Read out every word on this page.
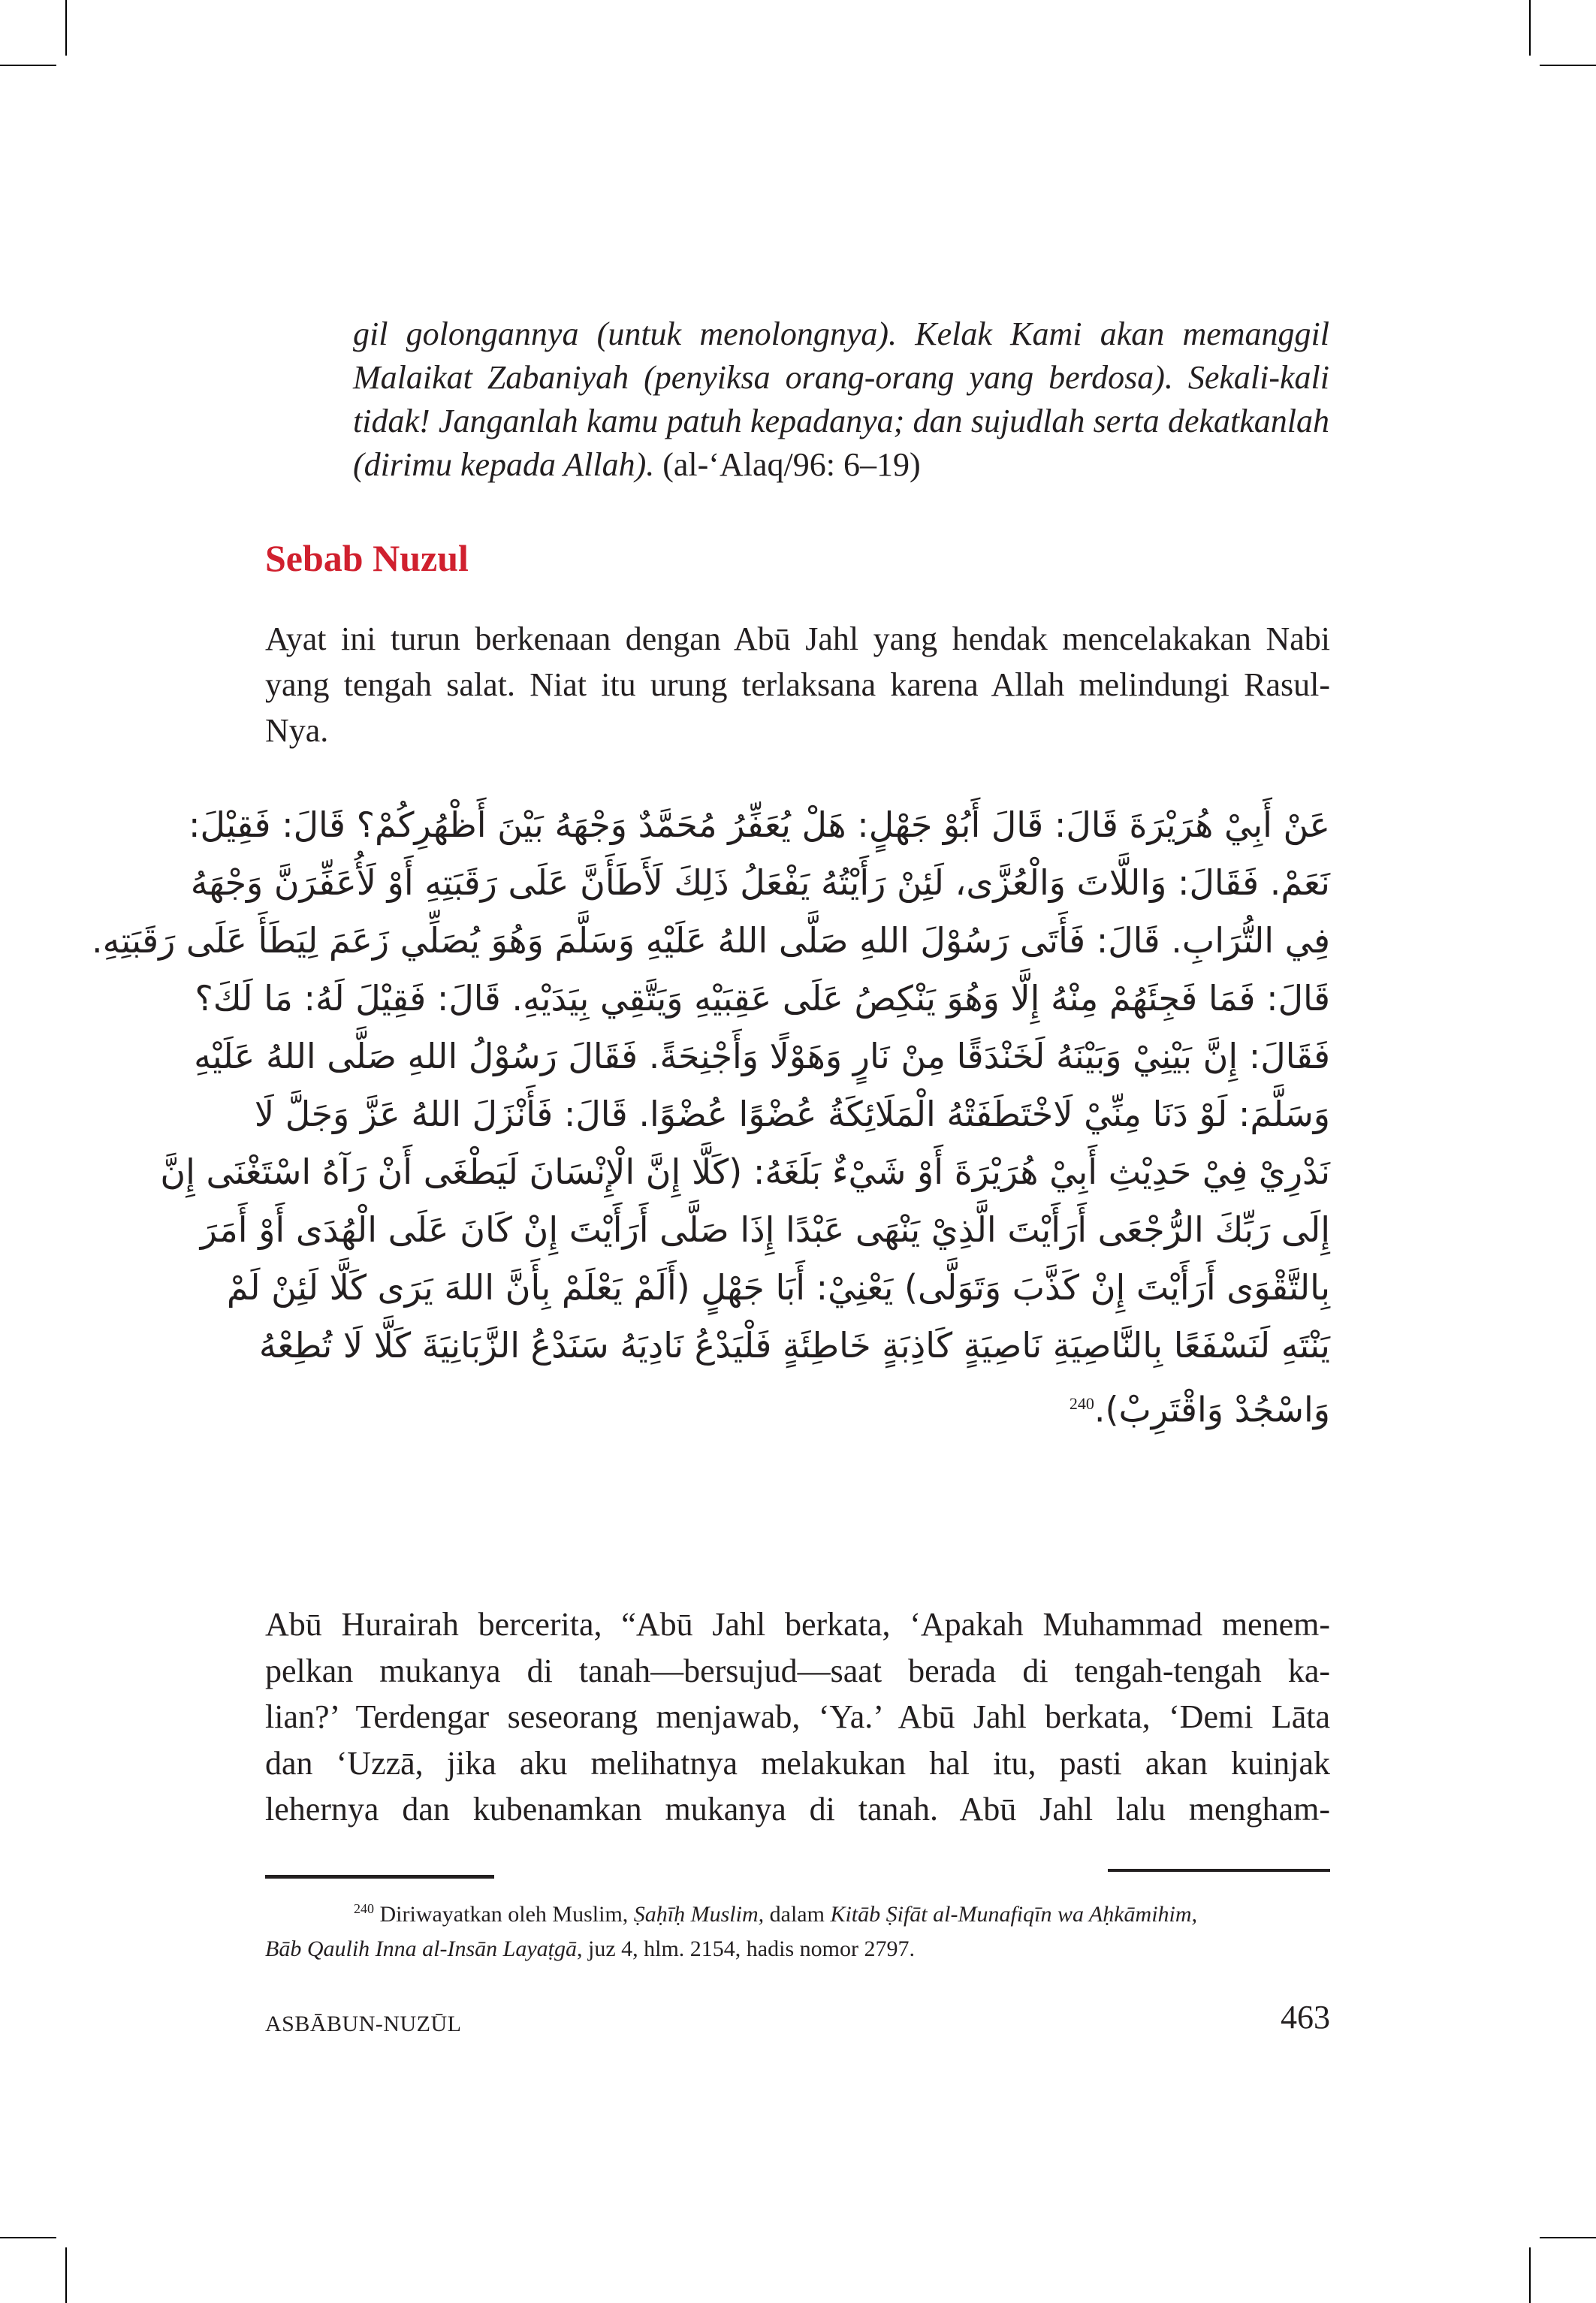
gil golongannya (untuk menolongnya). Kelak Kami akan memanggil Malaikat Zabaniyah (penyiksa orang-orang yang berdosa). Sekali-kali tidak! Janganlah kamu patuh kepadanya; dan sujudlah serta dekatkanlah (dirimu kepada Allah). (al-‘Alaq/96: 6–19)

Sebab Nuzul

Ayat ini turun berkenaan dengan Abū Jahl yang hendak mencelakakan Nabi yang tengah salat. Niat itu urung terlaksana karena Allah melindungi Rasul-Nya.

عَنْ أَبِيْ هُرَيْرَةَ قَالَ: قَالَ أَبُوْ جَهْلٍ: هَلْ يُعَفِّرُ مُحَمَّدٌ وَجْهَهُ بَيْنَ أَظْهُرِكُمْ؟ قَالَ: فَقِيْلَ:
نَعَمْ. فَقَالَ: وَاللَّاتَ وَالْعُزَّى، لَئِنْ رَأَيْتُهُ يَفْعَلُ ذَلِكَ لَأَطَأَنَّ عَلَى رَقَبَتِهِ أَوْ لَأُعَفِّرَنَّ وَجْهَهُ
فِي التُّرَابِ. قَالَ: فَأَتَى رَسُوْلَ اللهِ صَلَّى اللهُ عَلَيْهِ وَسَلَّمَ وَهُوَ يُصَلِّي زَعَمَ لِيَطَأَ عَلَى رَقَبَتِهِ.
قَالَ: فَمَا فَجِئَهُمْ مِنْهُ إِلَّا وَهُوَ يَنْكِصُ عَلَى عَقِبَيْهِ وَيَتَّقِي بِيَدَيْهِ. قَالَ: فَقِيْلَ لَهُ: مَا لَكَ؟
فَقَالَ: إِنَّ بَيْنِيْ وَبَيْنَهُ لَخَنْدَقًا مِنْ نَارٍ وَهَوْلًا وَأَجْنِحَةً. فَقَالَ رَسُوْلُ اللهِ صَلَّى اللهُ عَلَيْهِ
وَسَلَّمَ: لَوْ دَنَا مِنِّيْ لَاخْتَطَفَتْهُ الْمَلَائِكَةُ عُضْوًا عُضْوًا. قَالَ: فَأَنْزَلَ اللهُ عَزَّ وَجَلَّ لَا
نَدْرِيْ فِيْ حَدِيْثِ أَبِيْ هُرَيْرَةَ أَوْ شَيْءٌ بَلَغَهُ: (كَلَّا إِنَّ الْإِنْسَانَ لَيَطْغَى أَنْ رَآهُ اسْتَغْنَى إِنَّ
إِلَى رَبِّكَ الرُّجْعَى أَرَأَيْتَ الَّذِيْ يَنْهَى عَبْدًا إِذَا صَلَّى أَرَأَيْتَ إِنْ كَانَ عَلَى الْهُدَى أَوْ أَمَرَ
بِالتَّقْوَى أَرَأَيْتَ إِنْ كَذَّبَ وَتَوَلَّى) يَعْنِيْ: أَبَا جَهْلٍ (أَلَمْ يَعْلَمْ بِأَنَّ اللهَ يَرَى كَلَّا لَئِنْ لَمْ
يَنْتَهِ لَنَسْفَعًا بِالنَّاصِيَةِ نَاصِيَةٍ كَاذِبَةٍ خَاطِئَةٍ فَلْيَدْعُ نَادِيَهُ سَنَدْعُ الزَّبَانِيَةَ كَلَّا لَا تُطِعْهُ
وَاسْجُدْ وَاقْتَرِبْ).$^{240}$

Abū Hurairah bercerita, “Abū Jahl berkata, ‘Apakah Muhammad menem-
pelkan mukanya di tanah—bersujud—saat berada di tengah-tengah ka-
lian?’ Terdengar seseorang menjawab, ‘Ya.’ Abū Jahl berkata, ‘Demi Lāta
dan ‘Uzzā, jika aku melihatnya melakukan hal itu, pasti akan kuinjak
lehernya dan kubenamkan mukanya di tanah. Abū Jahl lalu mengham-

$^{240}$ Diriwayatkan oleh Muslim, Ṣaḥīḥ Muslim, dalam Kitāb Ṣifāt al-Munafiqīn wa Aḥkāmihim,
Bāb Qaulih Inna al-Insān Layaṭgā, juz 4, hlm. 2154, hadis nomor 2797.

ASBĀBUN-NUZŪL	463
